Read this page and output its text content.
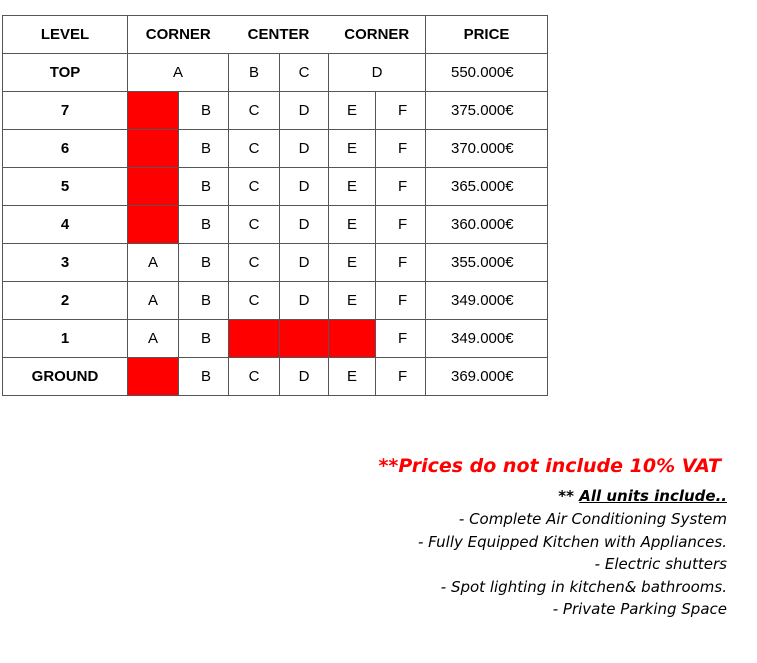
LEVEL	CORNER		CENTER		CORNER		PRICE
TOP	A		B	C	D		550.000€
7		B	C	D	E	F	375.000€
6		B	C	D	E	F	370.000€
5		B	C	D	E	F	365.000€
4		B	C	D	E	F	360.000€
3	A	B	C	D	E	F	355.000€
2	A	B	C	D	E	F	349.000€
1	A	B				F	349.000€
GROUND		B	C	D	E	F	369.000€
**Prices do not include 10% VAT
** All units include..
- Complete Air Conditioning System
- Fully Equipped Kitchen with Appliances.
- Electric shutters
- Spot lighting in kitchen& bathrooms.
- Private Parking Space
